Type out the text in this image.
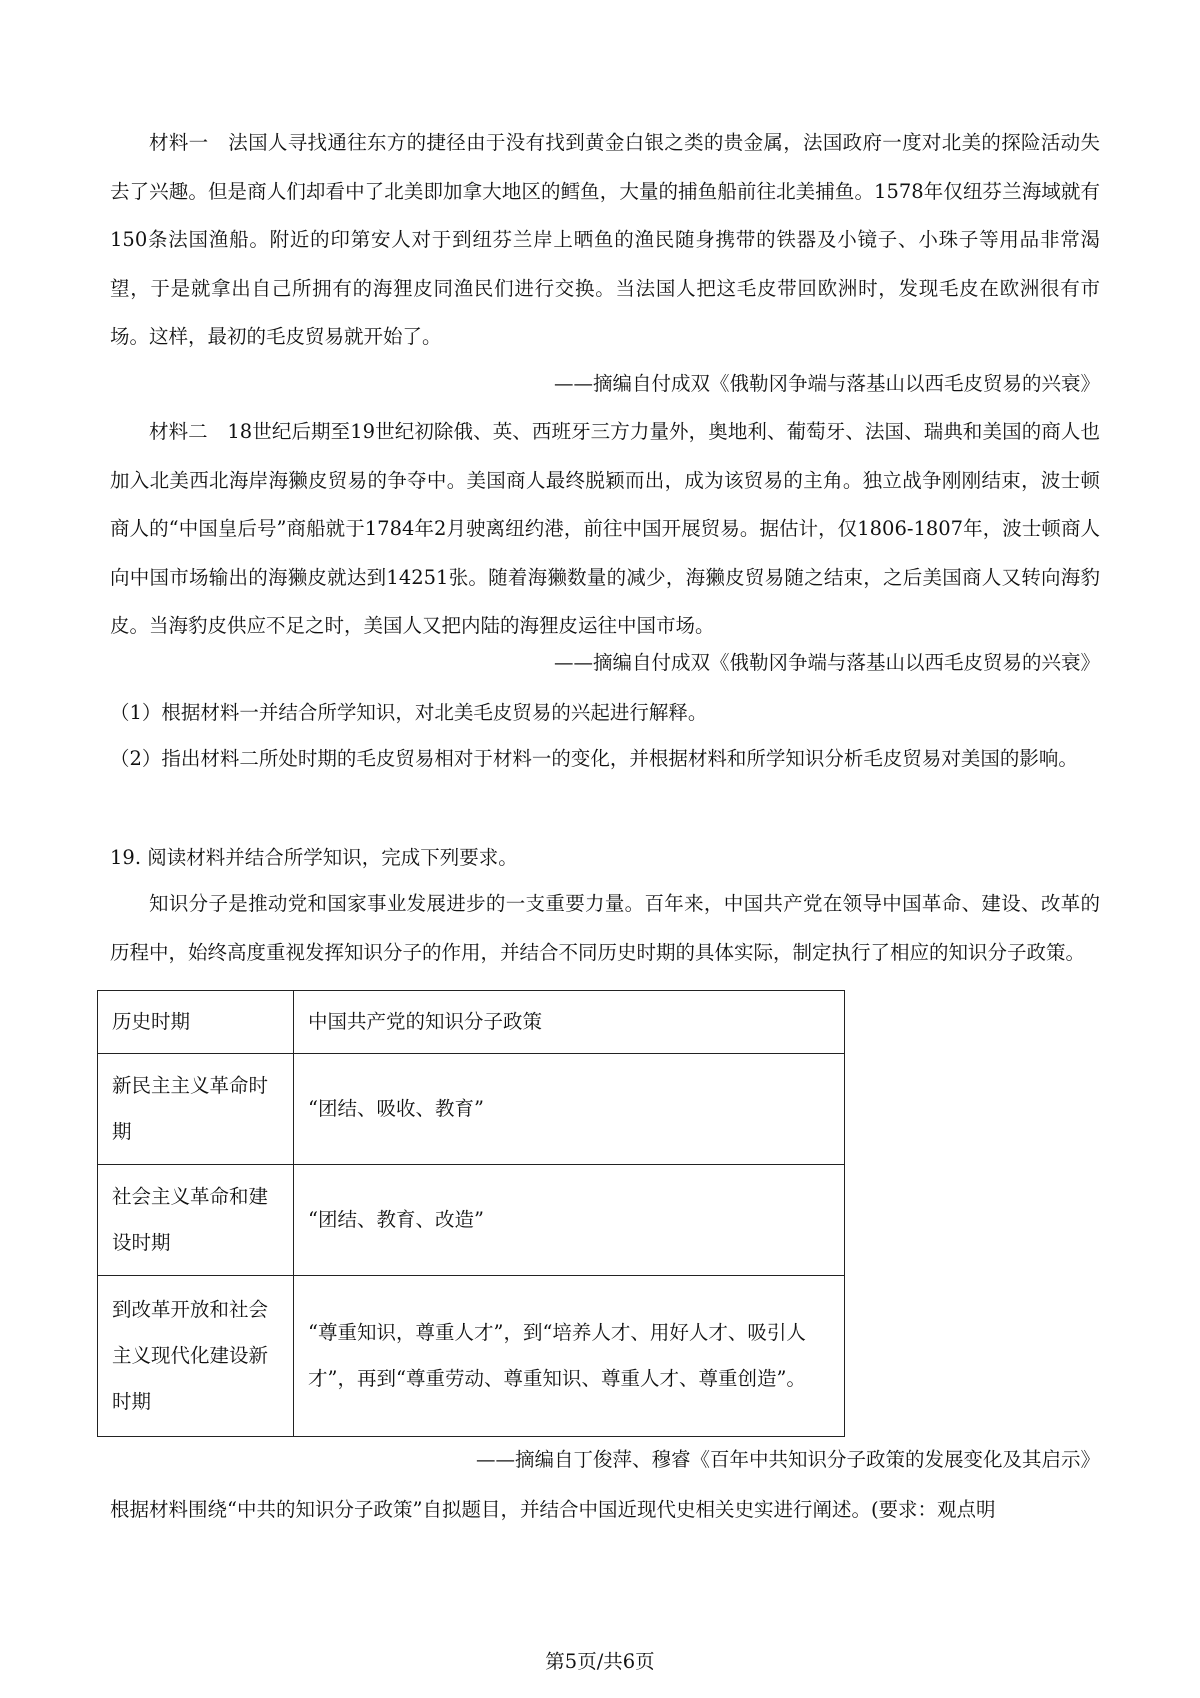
材料一　法国人寻找通往东方的捷径由于没有找到黄金白银之类的贵金属，法国政府一度对北美的探险活动失去了兴趣。但是商人们却看中了北美即加拿大地区的鳕鱼，大量的捕鱼船前往北美捕鱼。1578年仅纽芬兰海域就有150条法国渔船。附近的印第安人对于到纽芬兰岸上晒鱼的渔民随身携带的铁器及小镜子、小珠子等用品非常渴望，于是就拿出自己所拥有的海狸皮同渔民们进行交换。当法国人把这毛皮带回欧洲时，发现毛皮在欧洲很有市场。这样，最初的毛皮贸易就开始了。

——摘编自付成双《俄勒冈争端与落基山以西毛皮贸易的兴衰》

材料二　18世纪后期至19世纪初除俄、英、西班牙三方力量外，奥地利、葡萄牙、法国、瑞典和美国的商人也加入北美西北海岸海獭皮贸易的争夺中。美国商人最终脱颖而出，成为该贸易的主角。独立战争刚刚结束，波士顿商人的“中国皇后号”商船就于1784年2月驶离纽约港，前往中国开展贸易。据估计，仅1806-1807年，波士顿商人向中国市场输出的海獭皮就达到14251张。随着海獭数量的减少，海獭皮贸易随之结束，之后美国商人又转向海豹皮。当海豹皮供应不足之时，美国人又把内陆的海狸皮运往中国市场。

——摘编自付成双《俄勒冈争端与落基山以西毛皮贸易的兴衰》

（1）根据材料一并结合所学知识，对北美毛皮贸易的兴起进行解释。

（2）指出材料二所处时期的毛皮贸易相对于材料一的变化，并根据材料和所学知识分析毛皮贸易对美国的影响。

19. 阅读材料并结合所学知识，完成下列要求。

知识分子是推动党和国家事业发展进步的一支重要力量。百年来，中国共产党在领导中国革命、建设、改革的历程中，始终高度重视发挥知识分子的作用，并结合不同历史时期的具体实际，制定执行了相应的知识分子政策。

历史时期	中国共产党的知识分子政策
新民主主义革命时期	“团结、吸收、教育”
社会主义革命和建设时期	“团结、教育、改造”
到改革开放和社会主义现代化建设新时期	“尊重知识，尊重人才”，到“培养人才、用好人才、吸引人才”，再到“尊重劳动、尊重知识、尊重人才、尊重创造”。

——摘编自丁俊萍、穆睿《百年中共知识分子政策的发展变化及其启示》

根据材料围绕“中共的知识分子政策”自拟题目，并结合中国近现代史相关史实进行阐述。(要求：观点明

第5页/共6页
